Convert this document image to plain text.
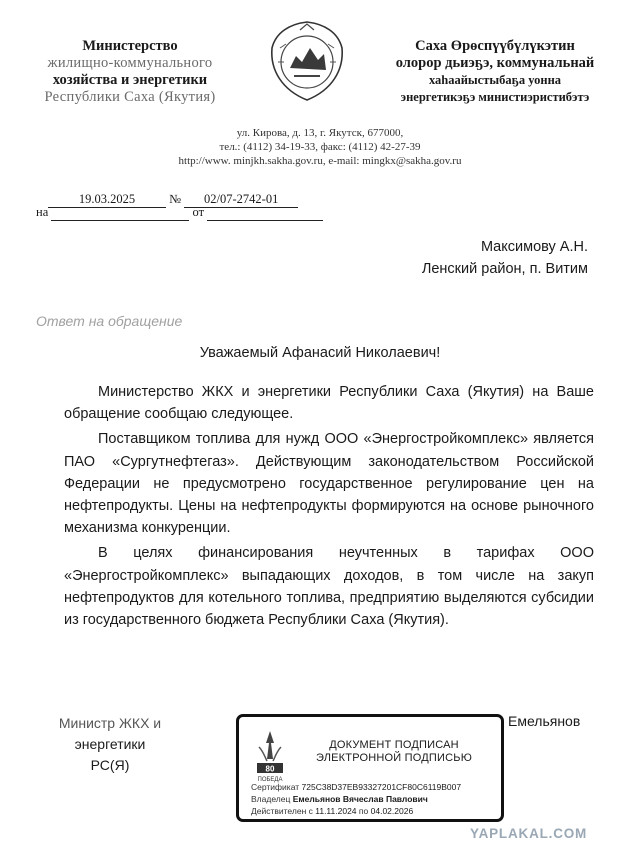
Министерство
жилищно-коммунального
хозяйства и энергетики
Республики Саха (Якутия)
Саха Өрөспүүбүлүкэтин
олорор дьиэҕэ, коммунальнай
хаһаайыстыбаҕа уонна
энергетикэҕэ министиэристибэтэ
ул. Кирова, д. 13, г. Якутск, 677000,
тел.: (4112) 34-19-33, факс: (4112) 42-27-39
http://www. minjkh.sakha.gov.ru, e-mail: mingkx@sakha.gov.ru
19.03.2025	№ 02/07-2742-01
на	от
Максимову А.Н.
Ленский район, п. Витим
Ответ на обращение
Уважаемый Афанасий Николаевич!

Министерство ЖКХ и энергетики Республики Саха (Якутия) на Ваше обращение сообщаю следующее.

Поставщиком топлива для нужд ООО «Энергостройкомплекс» является ПАО «Сургутнефтегаз». Действующим законодательством Российской Федерации не предусмотрено государственное регулирование цен на нефтепродукты. Цены на нефтепродукты формируются на основе рыночного механизма конкуренции.

В целях финансирования неучтенных в тарифах ООО «Энергостройкомплекс» выпадающих доходов, в том числе на закуп нефтепродуктов для котельного топлива, предприятию выделяются субсидии из государственного бюджета Республики Саха (Якутия).

Министр ЖКХ и
энергетики
РС(Я)
Емельянов
80
ПОБЕДА
ДОКУМЕНТ ПОДПИСАН
ЭЛЕКТРОННОЙ ПОДПИСЬЮ
Сертификат 725C38D37EB93327201CF80C6119B007
Владелец Емельянов Вячеслав Павлович
Действителен с 11.11.2024 по 04.02.2026
YAPLAKAL.COM
